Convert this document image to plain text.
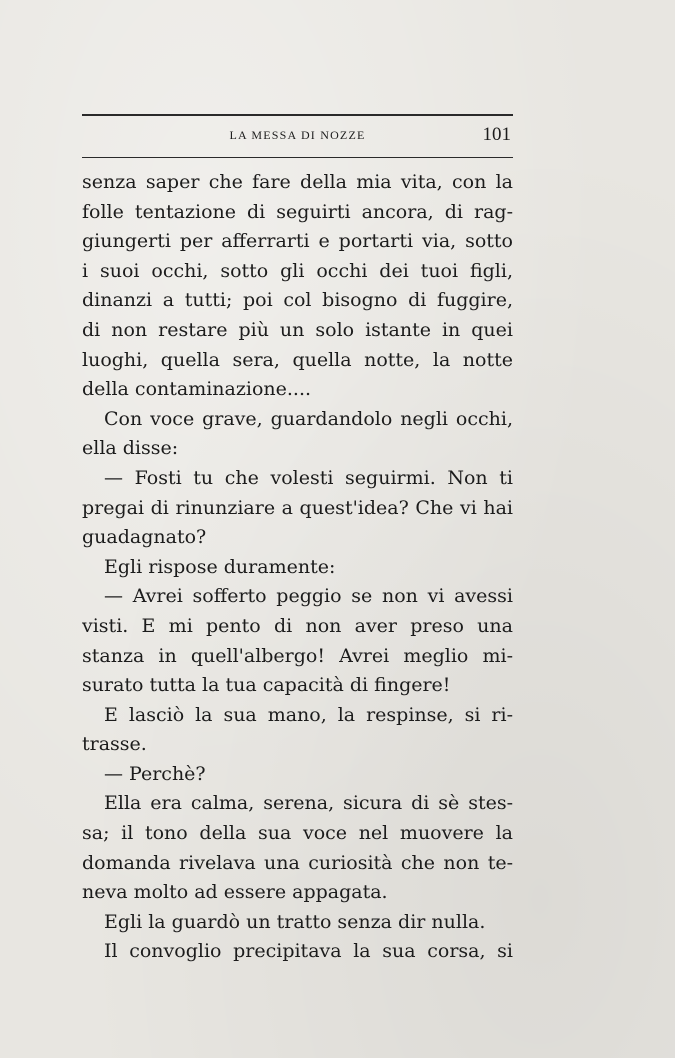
LA MESSA DI NOZZE	101
senza saper che fare della mia vita, con la
folle tentazione di seguirti ancora, di rag-
giungerti per afferrarti e portarti via, sotto
i suoi occhi, sotto gli occhi dei tuoi figli,
dinanzi a tutti; poi col bisogno di fuggire,
di non restare più un solo istante in quei
luoghi, quella sera, quella notte, la notte
della contaminazione....
Con voce grave, guardandolo negli occhi,
ella disse:
— Fosti tu che volesti seguirmi. Non ti
pregai di rinunziare a quest'idea? Che vi hai
guadagnato?
Egli rispose duramente:
— Avrei sofferto peggio se non vi avessi
visti. E mi pento di non aver preso una
stanza in quell'albergo! Avrei meglio mi-
surato tutta la tua capacità di fingere!
E lasciò la sua mano, la respinse, si ri-
trasse.
— Perchè?
Ella era calma, serena, sicura di sè stes-
sa; il tono della sua voce nel muovere la
domanda rivelava una curiosità che non te-
neva molto ad essere appagata.
Egli la guardò un tratto senza dir nulla.
Il convoglio precipitava la sua corsa, si
